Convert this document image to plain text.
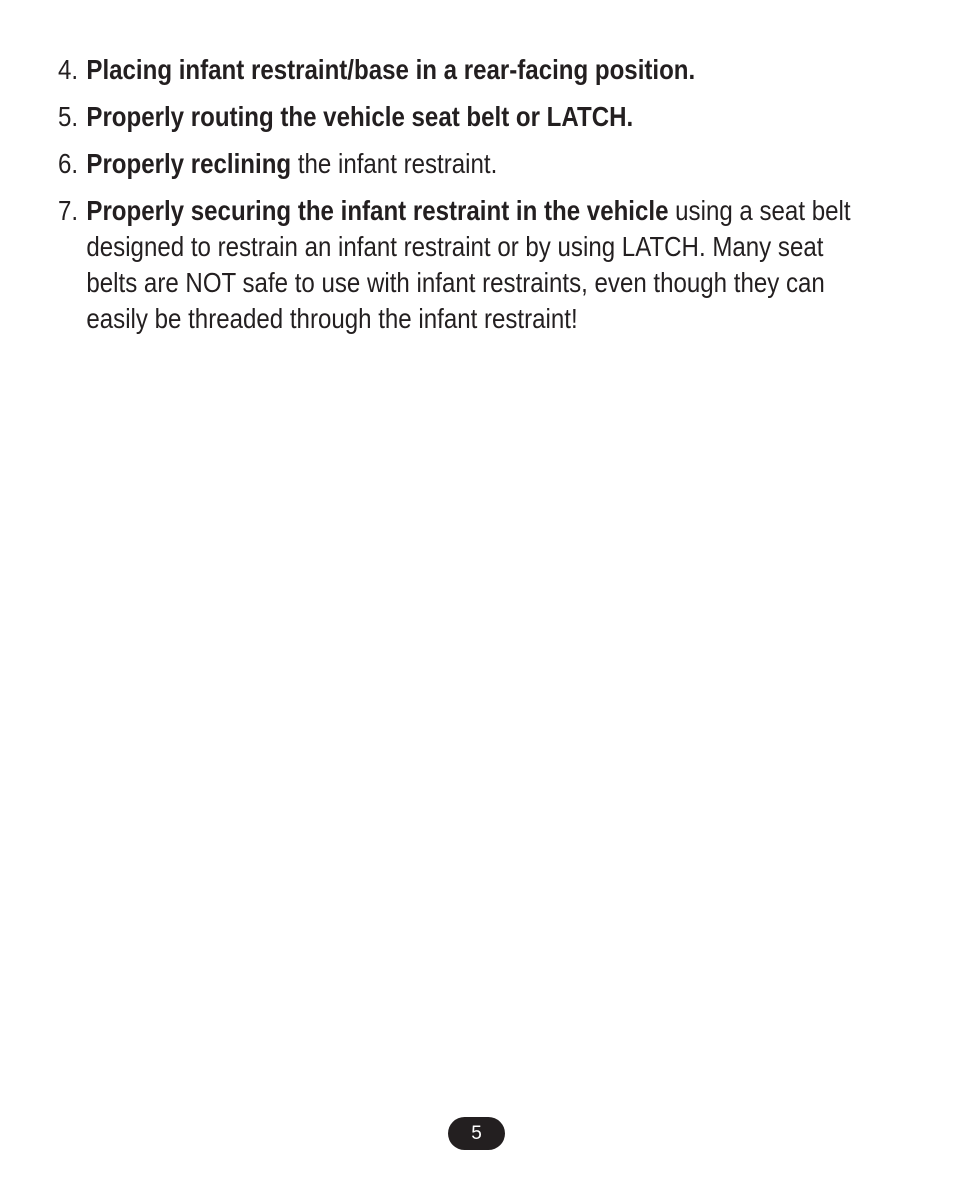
4. Placing infant restraint/base in a rear-facing position.
5. Properly routing the vehicle seat belt or LATCH.
6. Properly reclining the infant restraint.
7. Properly securing the infant restraint in the vehicle using a seat belt designed to restrain an infant restraint or by using LATCH. Many seat belts are NOT safe to use with infant restraints, even though they can easily be threaded through the infant restraint!
5
